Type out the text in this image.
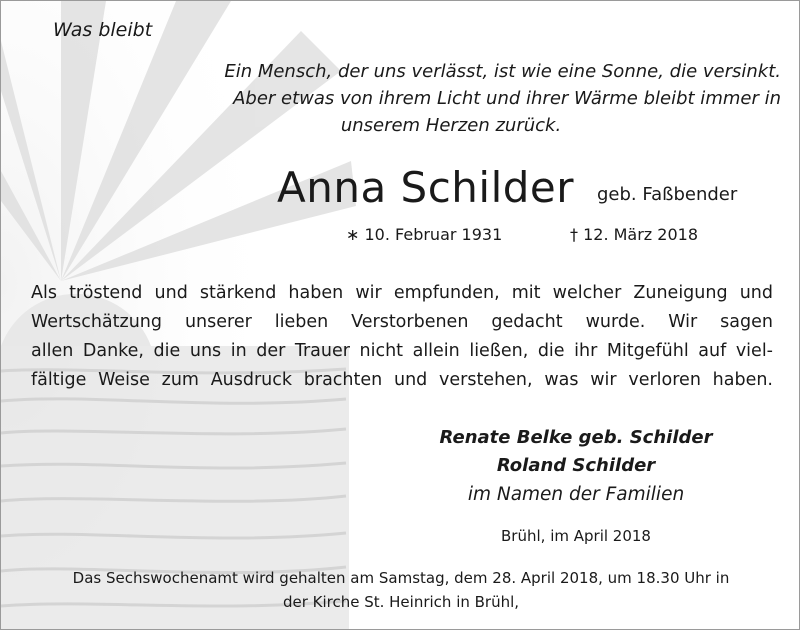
Was bleibt
Ein Mensch, der uns verlässt, ist wie eine Sonne, die versinkt.
Aber etwas von ihrem Licht und ihrer Wärme bleibt immer in
unserem Herzen zurück.
Anna Schilder geb. Faßbender
∗ 10. Februar 1931	† 12. März 2018
Als tröstend und stärkend haben wir empfunden, mit welcher Zuneigung und
Wertschätzung unserer lieben Verstorbenen gedacht wurde. Wir sagen
allen Danke, die uns in der Trauer nicht allein ließen, die ihr Mitgefühl auf viel-
fältige Weise zum Ausdruck brachten und verstehen, was wir verloren haben.
Renate Belke geb. Schilder
Roland Schilder
im Namen der Familien
Brühl, im April 2018
Das Sechswochenamt wird gehalten am Samstag, dem 28. April 2018, um 18.30 Uhr in
der Kirche St. Heinrich in Brühl,
